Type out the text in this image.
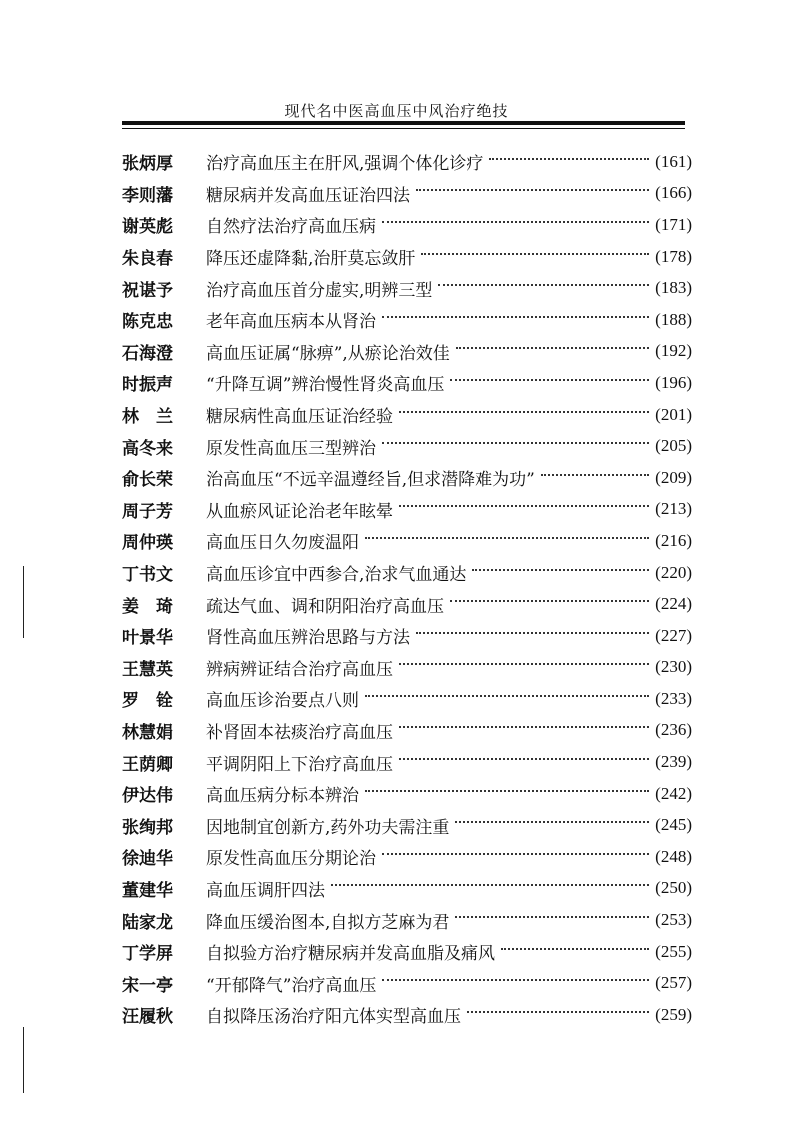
现代名中医高血压中风治疗绝技
张炳厚	治疗高血压主在肝风,强调个体化诊疗	(161)
李则藩	糖尿病并发高血压证治四法	(166)
谢英彪	自然疗法治疗高血压病	(171)
朱良春	降压还虚降黏,治肝莫忘敛肝	(178)
祝谌予	治疗高血压首分虚实,明辨三型	(183)
陈克忠	老年高血压病本从肾治	(188)
石海澄	高血压证属“脉痹”,从瘀论治效佳	(192)
时振声	“升降互调”辨治慢性肾炎高血压	(196)
林　兰	糖尿病性高血压证治经验	(201)
高冬来	原发性高血压三型辨治	(205)
俞长荣	治高血压“不远辛温遵经旨,但求潜降难为功”	(209)
周子芳	从血瘀风证论治老年眩晕	(213)
周仲瑛	高血压日久勿废温阳	(216)
丁书文	高血压诊宜中西参合,治求气血通达	(220)
姜　琦	疏达气血、调和阴阳治疗高血压	(224)
叶景华	肾性高血压辨治思路与方法	(227)
王慧英	辨病辨证结合治疗高血压	(230)
罗　铨	高血压诊治要点八则	(233)
林慧娟	补肾固本祛痰治疗高血压	(236)
王荫卿	平调阴阳上下治疗高血压	(239)
伊达伟	高血压病分标本辨治	(242)
张绚邦	因地制宜创新方,药外功夫需注重	(245)
徐迪华	原发性高血压分期论治	(248)
董建华	高血压调肝四法	(250)
陆家龙	降血压缓治图本,自拟方芝麻为君	(253)
丁学屏	自拟验方治疗糖尿病并发高血脂及痛风	(255)
宋一亭	“开郁降气”治疗高血压	(257)
汪履秋	自拟降压汤治疗阳亢体实型高血压	(259)
